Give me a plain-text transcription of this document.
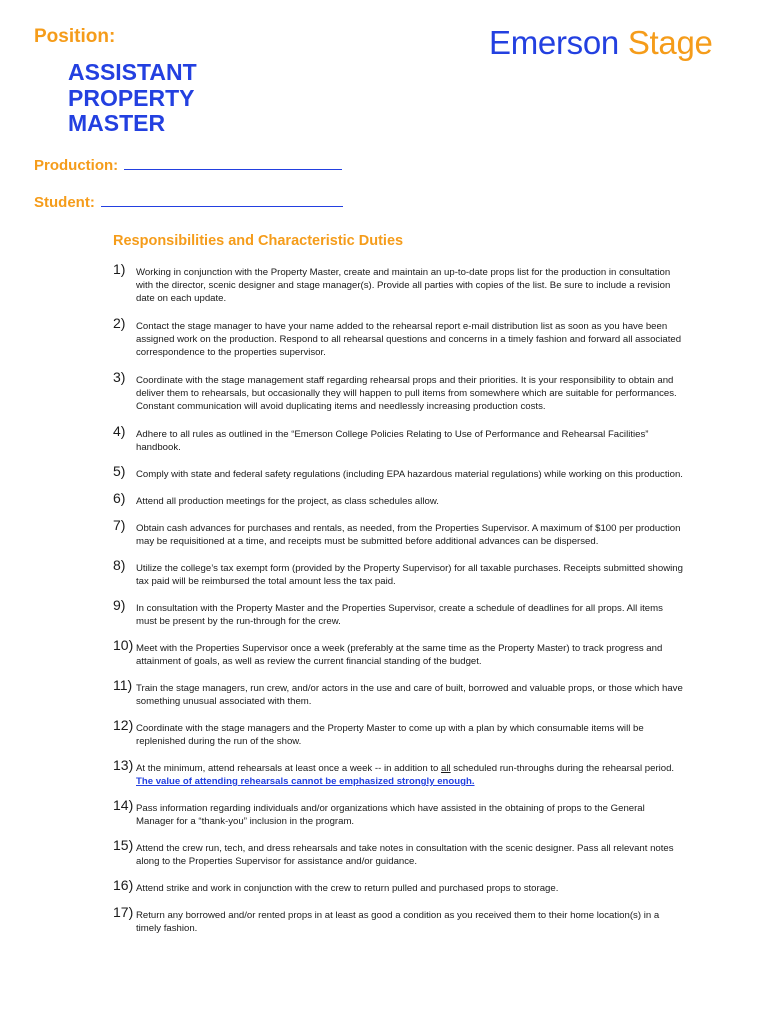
Position:
ASSISTANT
PROPERTY
MASTER
Emerson Stage
Production:
Student:
Responsibilities and Characteristic Duties
1) Working in conjunction with the Property Master, create and maintain an up-to-date props list for the production in consultation with the director, scenic designer and stage manager(s). Provide all parties with copies of the list. Be sure to include a revision date on each update.
2) Contact the stage manager to have your name added to the rehearsal report e-mail distribution list as soon as you have been assigned work on the production. Respond to all rehearsal questions and concerns in a timely fashion and forward all associated correspondence to the properties supervisor.
3) Coordinate with the stage management staff regarding rehearsal props and their priorities. It is your responsibility to obtain and deliver them to rehearsals, but occasionally they will happen to pull items from somewhere which are suitable for performances. Constant communication will avoid duplicating items and needlessly increasing production costs.
4) Adhere to all rules as outlined in the “Emerson College Policies Relating to Use of Performance and Rehearsal Facilities” handbook.
5) Comply with state and federal safety regulations (including EPA hazardous material regulations) while working on this production.
6) Attend all production meetings for the project, as class schedules allow.
7) Obtain cash advances for purchases and rentals, as needed, from the Properties Supervisor. A maximum of $100 per production may be requisitioned at a time, and receipts must be submitted before additional advances can be dispersed.
8) Utilize the college’s tax exempt form (provided by the Property Supervisor) for all taxable purchases. Receipts submitted showing tax paid will be reimbursed the total amount less the tax paid.
9) In consultation with the Property Master and the Properties Supervisor, create a schedule of deadlines for all props. All items must be present by the run-through for the crew.
10) Meet with the Properties Supervisor once a week (preferably at the same time as the Property Master) to track progress and attainment of goals, as well as review the current financial standing of the budget.
11) Train the stage managers, run crew, and/or actors in the use and care of built, borrowed and valuable props, or those which have something unusual associated with them.
12) Coordinate with the stage managers and the Property Master to come up with a plan by which consumable items will be replenished during the run of the show.
13) At the minimum, attend rehearsals at least once a week -- in addition to all scheduled run-throughs during the rehearsal period. The value of attending rehearsals cannot be emphasized strongly enough.
14) Pass information regarding individuals and/or organizations which have assisted in the obtaining of props to the General Manager for a “thank-you” inclusion in the program.
15) Attend the crew run, tech, and dress rehearsals and take notes in consultation with the scenic designer. Pass all relevant notes along to the Properties Supervisor for assistance and/or guidance.
16) Attend strike and work in conjunction with the crew to return pulled and purchased props to storage.
17) Return any borrowed and/or rented props in at least as good a condition as you received them to their home location(s) in a timely fashion.
